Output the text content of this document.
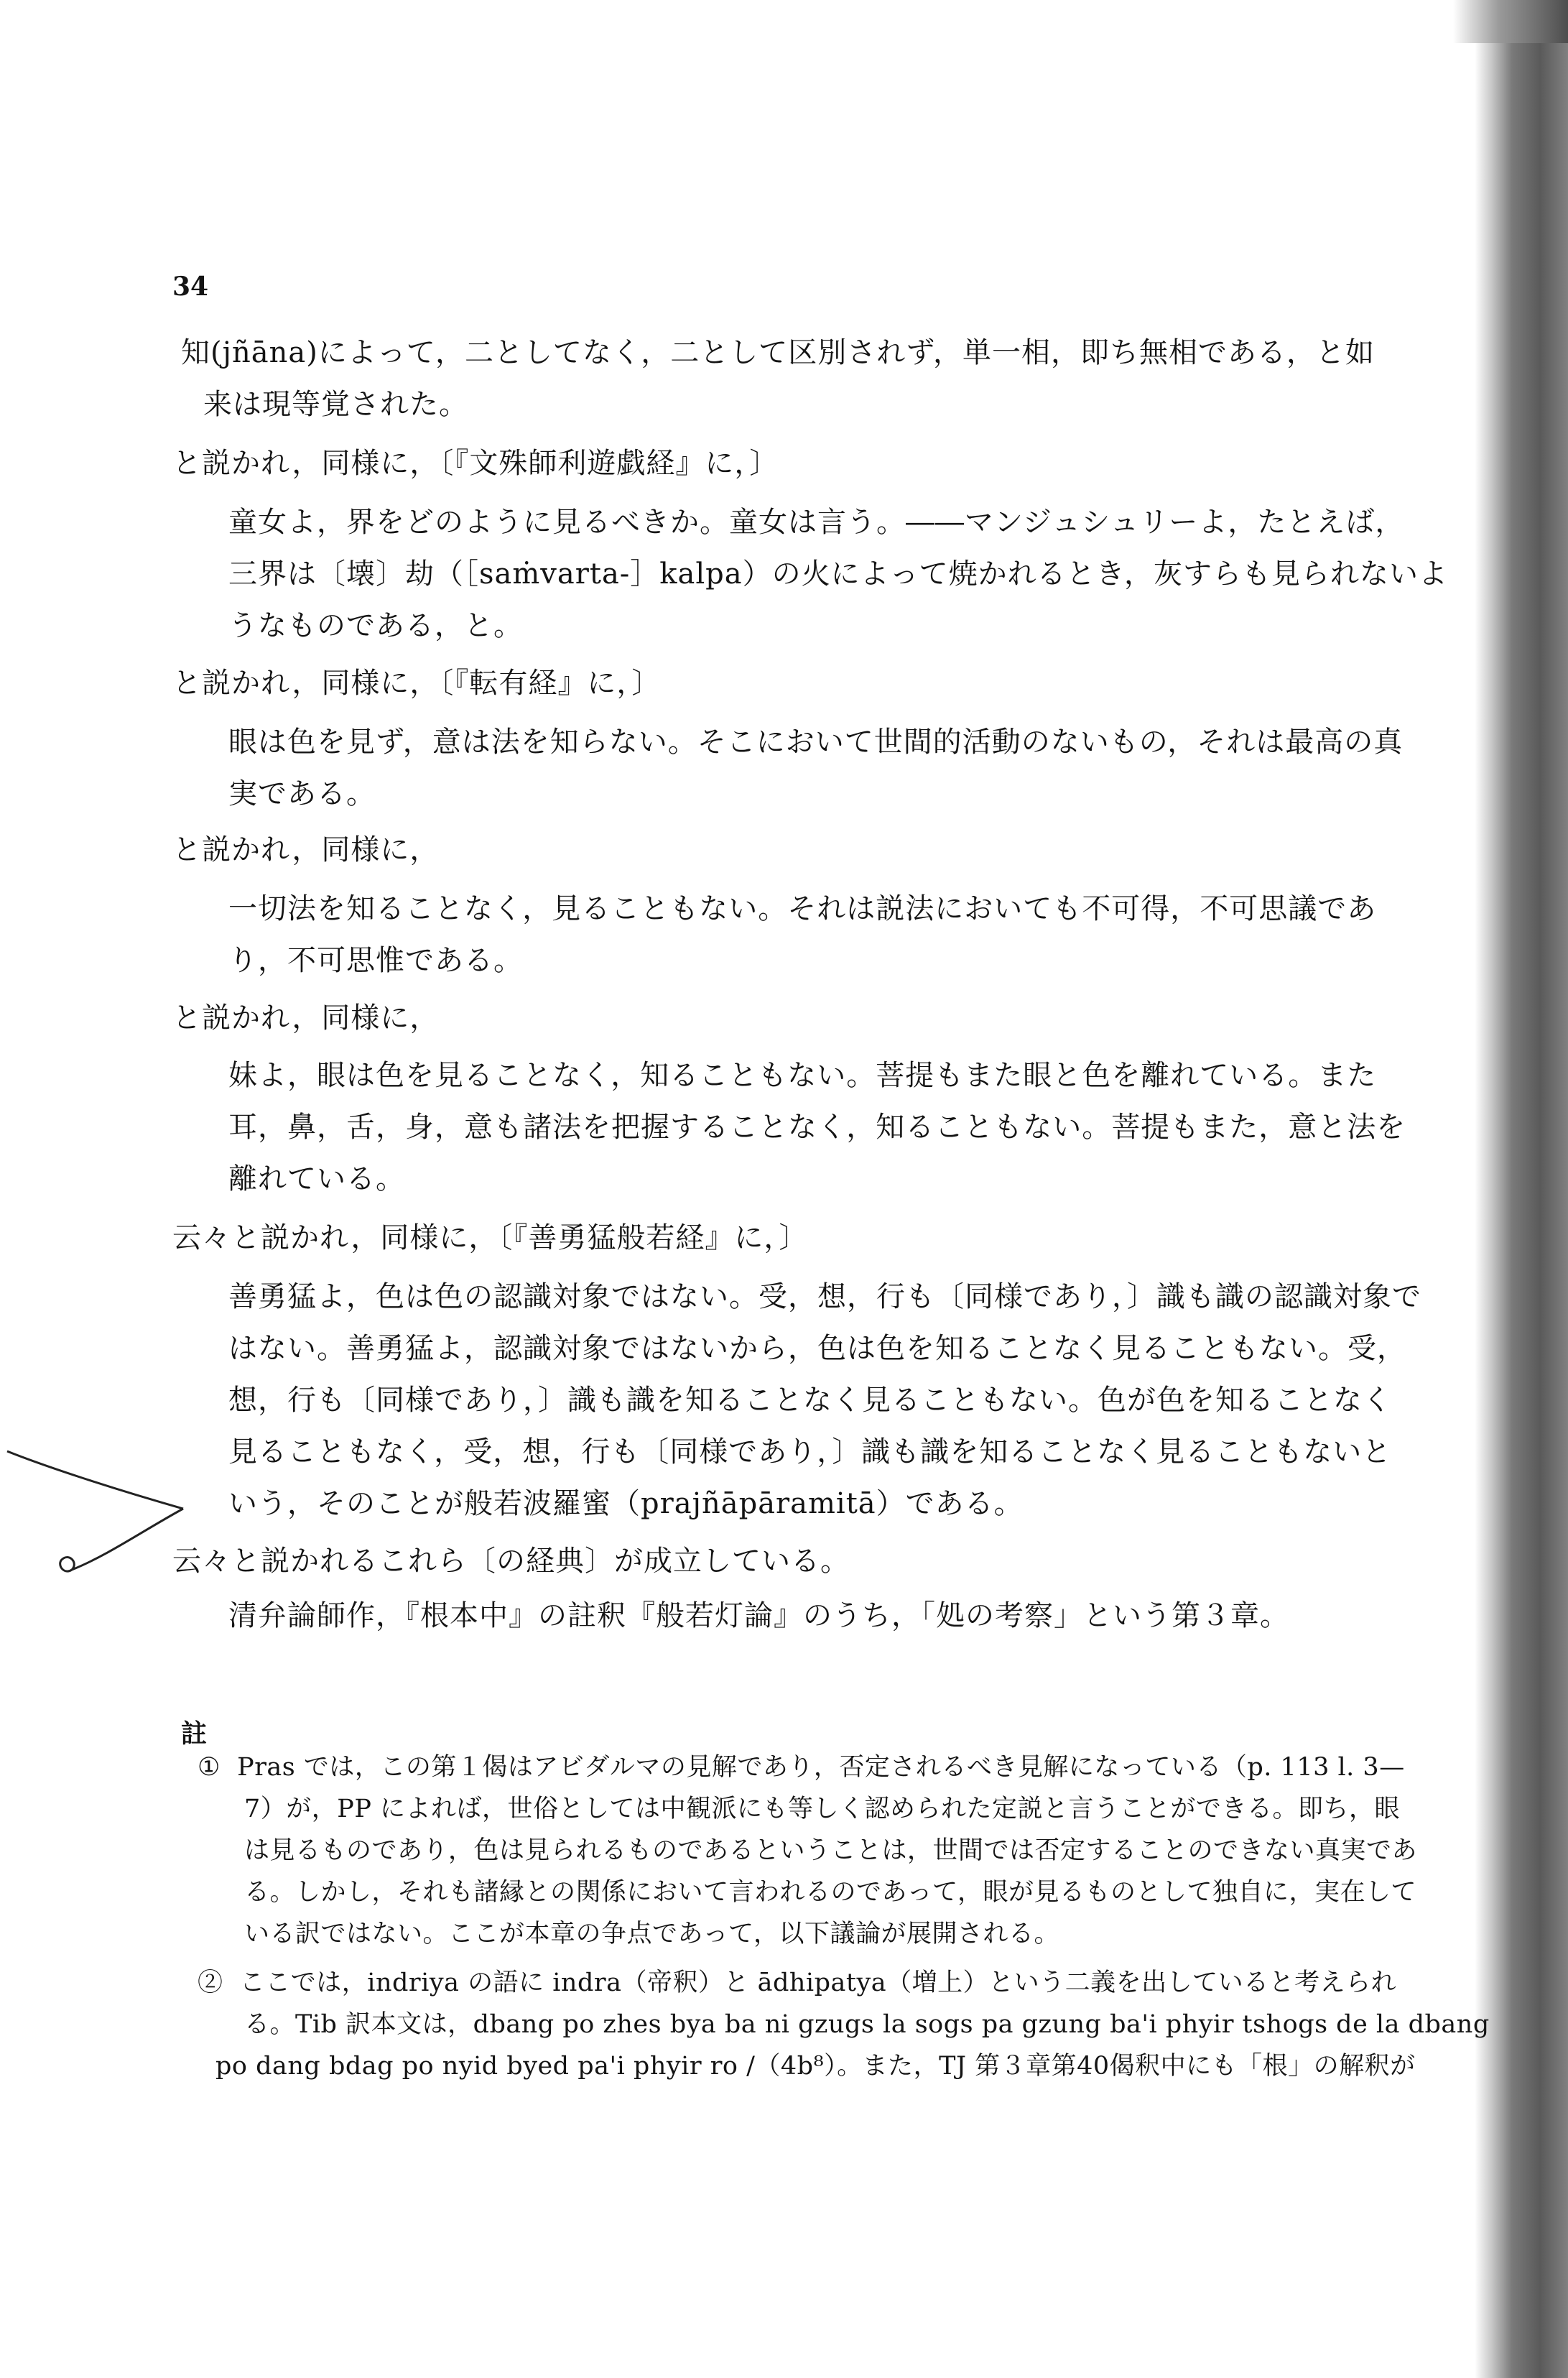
34
知(jñāna)によって，二としてなく，二として区別されず，単一相，即ち無相である，と如
来は現等覚された。
と説かれ，同様に，〔『文殊師利遊戯経』に，〕
童女よ，界をどのように見るべきか。童女は言う。――マンジュシュリーよ，たとえば，
三界は〔壊〕劫（［saṁvarta-］kalpa）の火によって焼かれるとき，灰すらも見られないよ
うなものである，と。
と説かれ，同様に，〔『転有経』に，〕
眼は色を見ず，意は法を知らない。そこにおいて世間的活動のないもの，それは最高の真
実である。
と説かれ，同様に，
一切法を知ることなく，見ることもない。それは説法においても不可得，不可思議であ
り，不可思惟である。
と説かれ，同様に，
妹よ，眼は色を見ることなく，知ることもない。菩提もまた眼と色を離れている。また
耳，鼻，舌，身，意も諸法を把握することなく，知ることもない。菩提もまた，意と法を
離れている。
云々と説かれ，同様に，〔『善勇猛般若経』に，〕
善勇猛よ，色は色の認識対象ではない。受，想，行も〔同様であり，〕識も識の認識対象で
はない。善勇猛よ，認識対象ではないから，色は色を知ることなく見ることもない。受，
想，行も〔同様であり，〕識も識を知ることなく見ることもない。色が色を知ることなく
見ることもなく，受，想，行も〔同様であり，〕識も識を知ることなく見ることもないと
いう，そのことが般若波羅蜜（prajñāpāramitā）である。
云々と説かれるこれら〔の経典〕が成立している。
清弁論師作，『根本中』の註釈『般若灯論』のうち，「処の考察」という第３章。
註
① Pras では，この第１偈はアビダルマの見解であり，否定されるべき見解になっている（p. 113 l. 3—
7）が，PP によれば，世俗としては中観派にも等しく認められた定説と言うことができる。即ち，眼
は見るものであり，色は見られるものであるということは，世間では否定することのできない真実であ
る。しかし，それも諸縁との関係において言われるのであって，眼が見るものとして独自に，実在して
いる訳ではない。ここが本章の争点であって，以下議論が展開される。
② ここでは，indriya の語に indra（帝釈）と ādhipatya（増上）という二義を出していると考えられ
る。Tib 訳本文は，dbang po zhes bya ba ni gzugs la sogs pa gzung ba'i phyir tshogs de la dbang
po dang bdag po nyid byed pa'i phyir ro /（4b⁸）。また，TJ 第３章第40偈釈中にも「根」の解釈が
